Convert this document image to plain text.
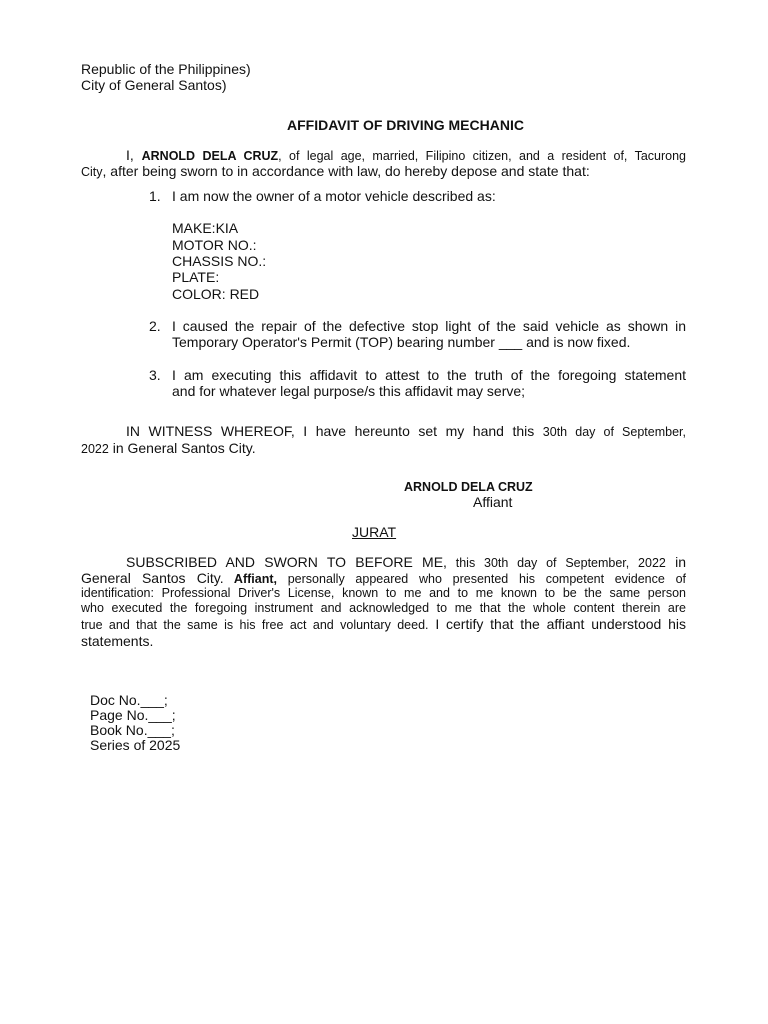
Republic of the Philippines)
City of General Santos)
AFFIDAVIT OF DRIVING MECHANIC
I, ARNOLD DELA CRUZ, of legal age, married, Filipino citizen, and a resident of, Tacurong
City, after being sworn to in accordance with law, do hereby depose and state that:
1. I am now the owner of a motor vehicle described as:
MAKE:KIA
MOTOR NO.:
CHASSIS NO.:
PLATE:
COLOR: RED
2. I caused the repair of the defective stop light of the said vehicle as shown in
Temporary Operator's Permit (TOP) bearing number ___ and is now fixed.
3. I am executing this affidavit to attest to the truth of the foregoing statement
and for whatever legal purpose/s this affidavit may serve;
IN WITNESS WHEREOF, I have hereunto set my hand this 30th day of September,
2022 in General Santos City.
ARNOLD DELA CRUZ
Affiant
JURAT
SUBSCRIBED AND SWORN TO BEFORE ME, this 30th day of September, 2022 in
General Santos City. Affiant, personally appeared who presented his competent evidence of
identification: Professional Driver's License, known to me and to me known to be the same person
who executed the foregoing instrument and acknowledged to me that the whole content therein are
true and that the same is his free act and voluntary deed. I certify that the affiant understood his
statements.
Doc No.___;
Page No.___;
Book No.___;
Series of 2025
